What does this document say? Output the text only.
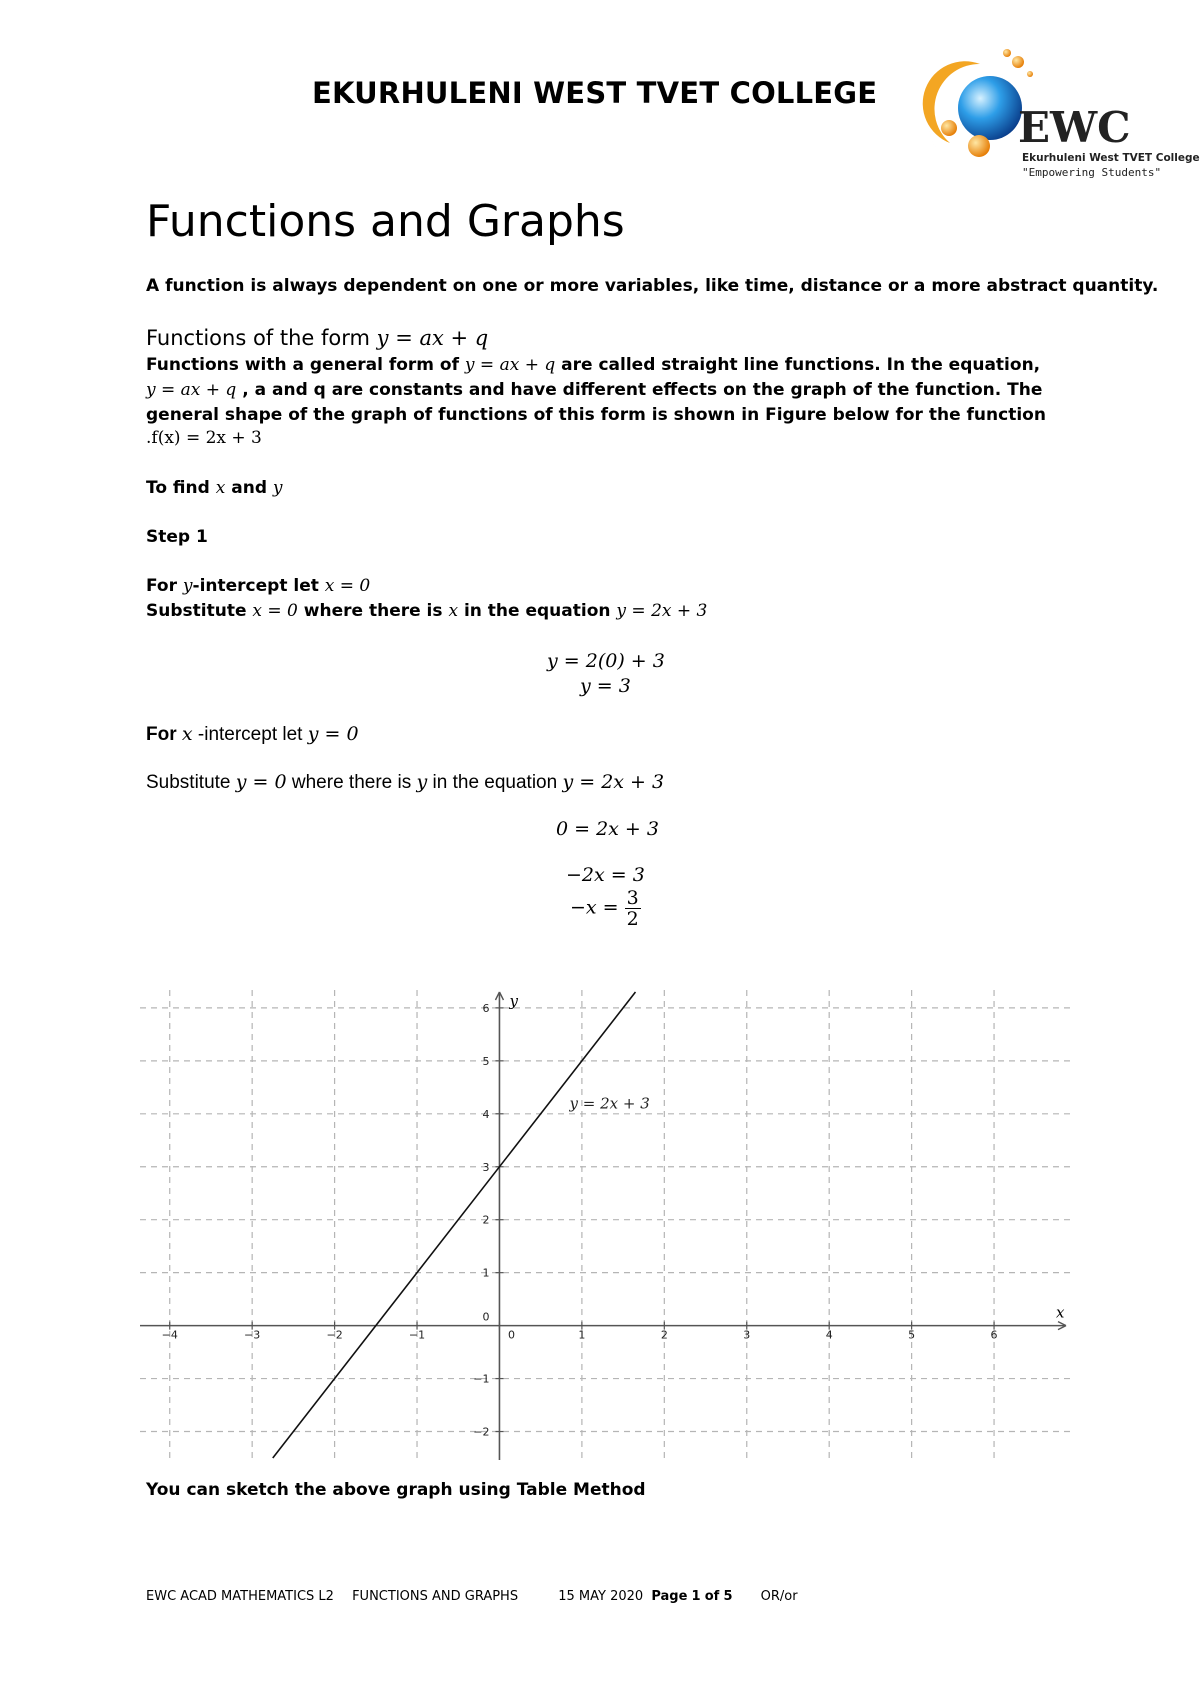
EKURHULENI WEST TVET COLLEGE
EWC
Ekurhuleni West TVET College
"Empowering Students"
Functions and Graphs
A function is always dependent on one or more variables, like time, distance or a more abstract quantity.
Functions of the form y = ax + q
Functions with a general form of y = ax + q are called straight line functions. In the equation,
y = ax + q , a and q are constants and have different effects on the graph of the function. The
general shape of the graph of functions of this form is shown in Figure below for the function
.f(x) = 2x + 3
To find x and y
Step 1
For y-intercept let x = 0
Substitute x = 0 where there is x in the equation y = 2x + 3
y = 2(0) + 3
y = 3
For x -intercept let y = 0
Substitute y = 0 where there is y in the equation y = 2x + 3
0 = 2x + 3
−2x = 3
$-x = \frac{3}{2}$
−4	−3	−2	−1	0	1	2	3	4	5	6
−2
−1
0
1
2
3
4
5
6
x
y
y = 2x + 3
You can sketch the above graph using Table Method
EWC ACAD MATHEMATICS L2 FUNCTIONS AND GRAPHS	15 MAY 2020 Page 1 of 5 OR/or
